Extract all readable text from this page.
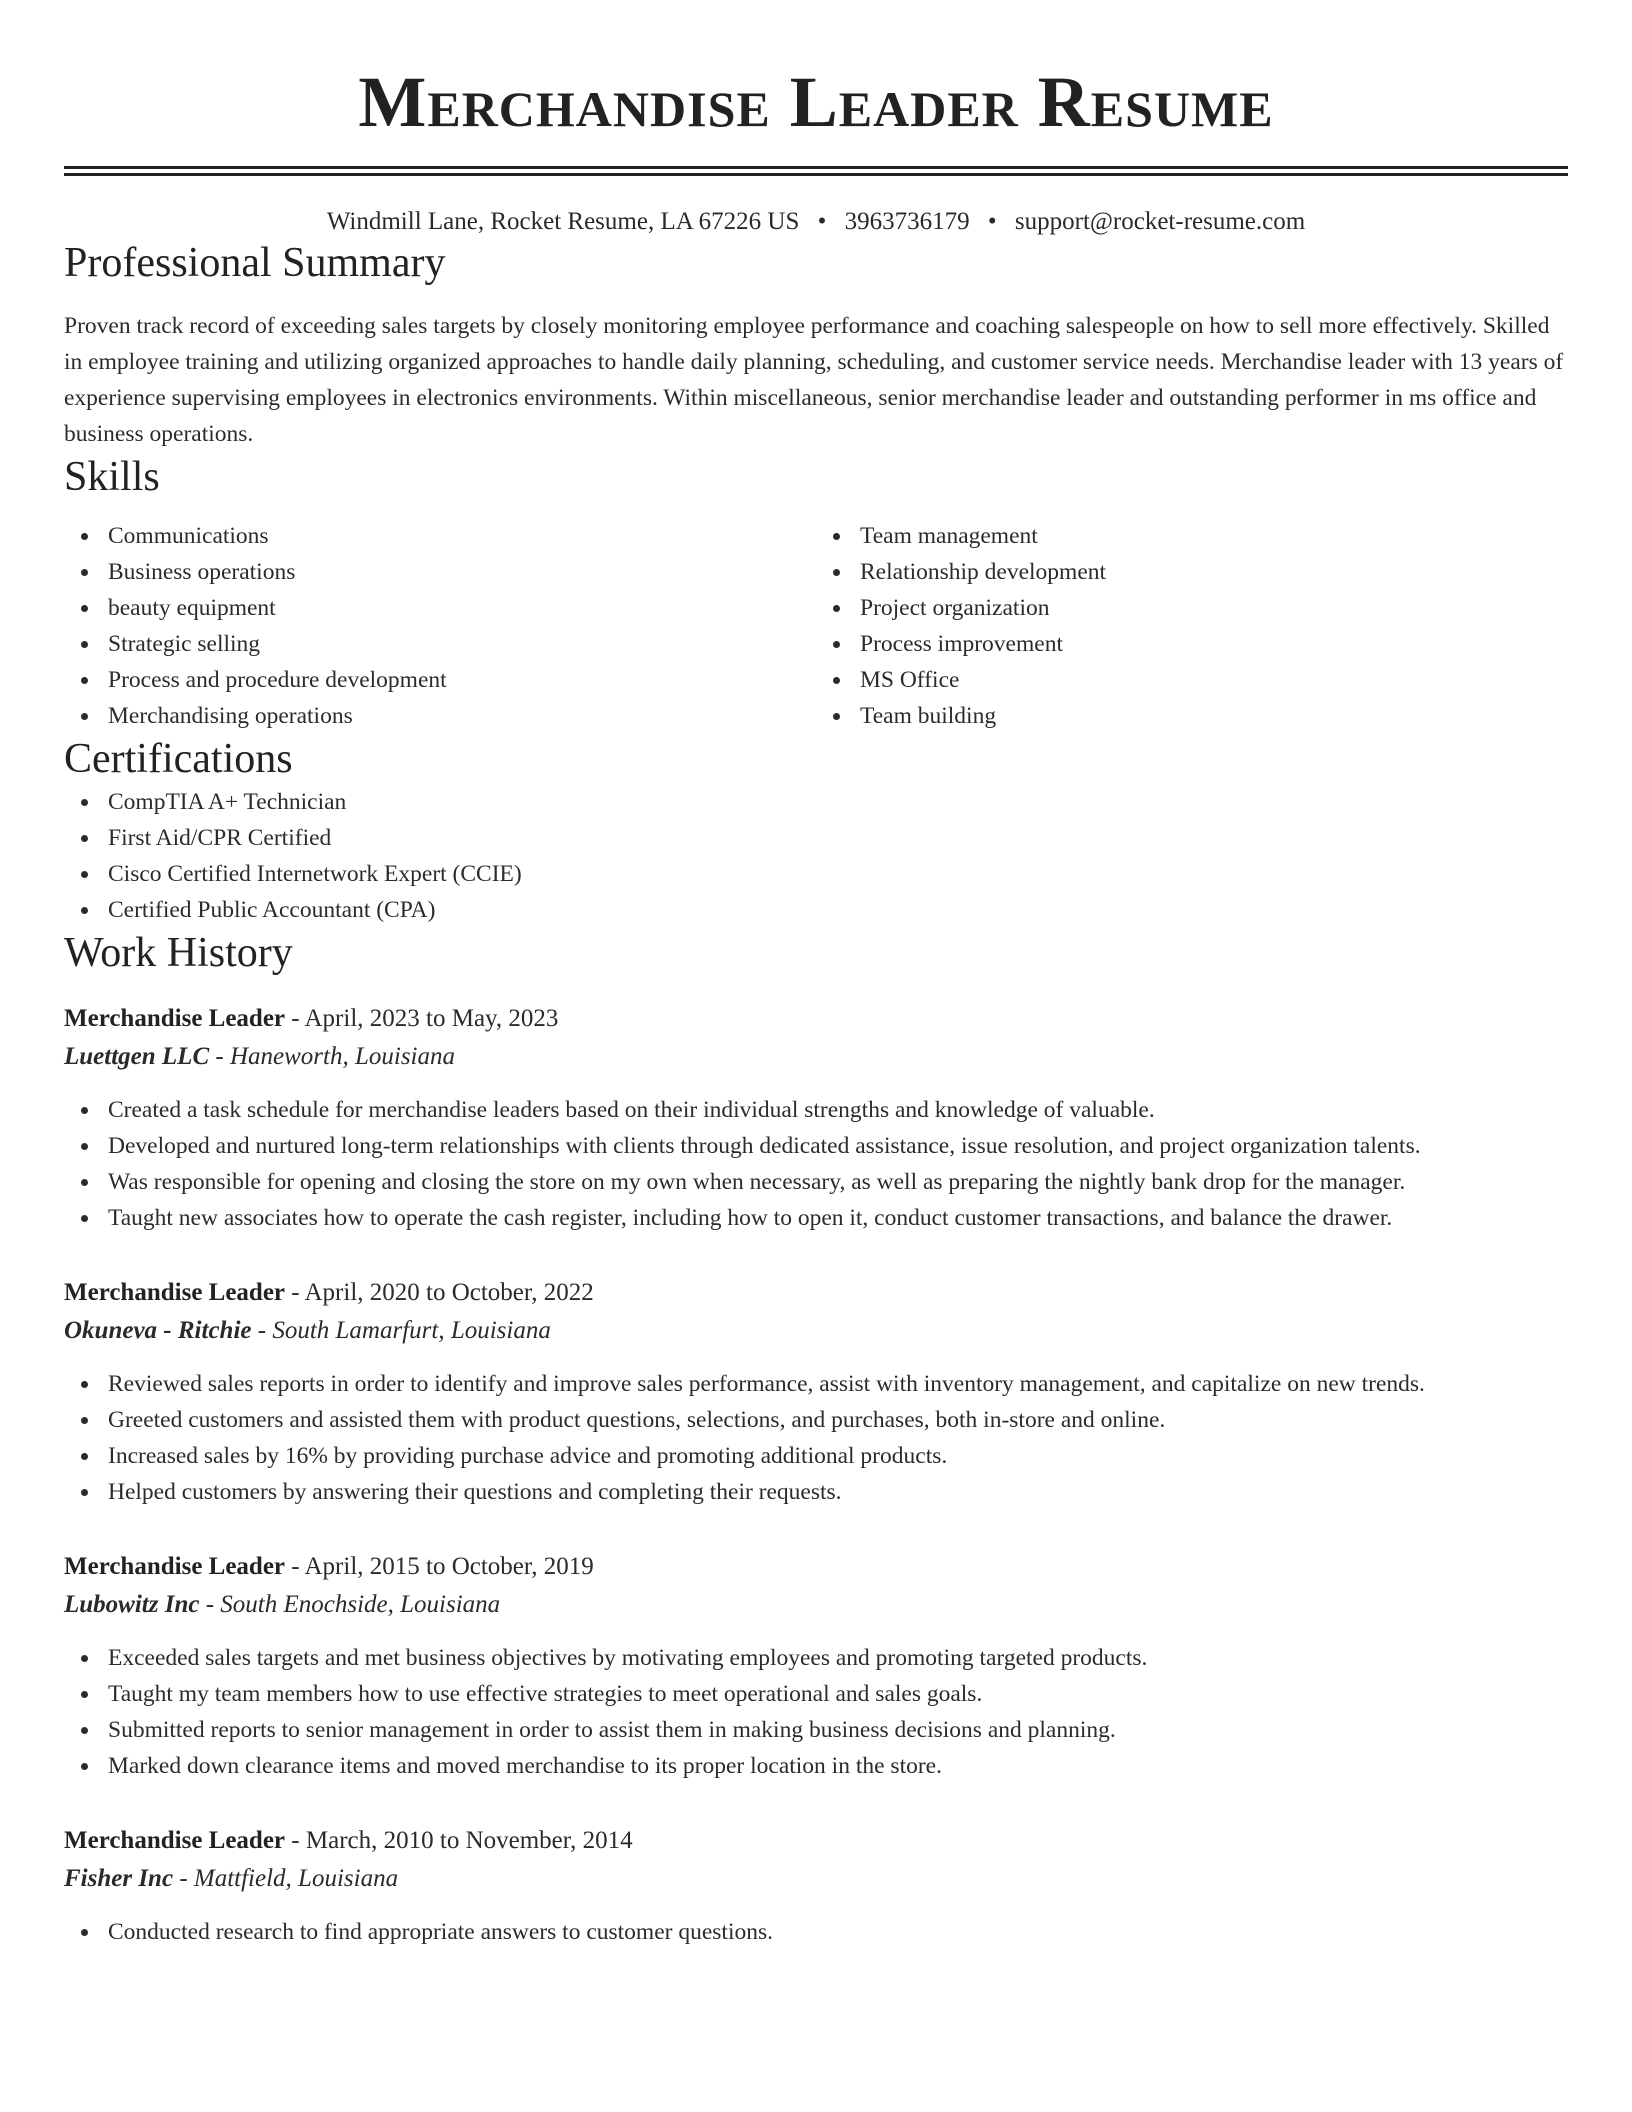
Merchandise Leader Resume
Windmill Lane, Rocket Resume, LA 67226 US • 3963736179 • support@rocket-resume.com
Professional Summary

Proven track record of exceeding sales targets by closely monitoring employee performance and coaching salespeople on how to sell more effectively. Skilled in employee training and utilizing organized approaches to handle daily planning, scheduling, and customer service needs. Merchandise leader with 13 years of experience supervising employees in electronics environments. Within miscellaneous, senior merchandise leader and outstanding performer in ms office and business operations.

Skills
Communications
Business operations
beauty equipment
Strategic selling
Process and procedure development
Merchandising operations
Team management
Relationship development
Project organization
Process improvement
MS Office
Team building
Certifications
CompTIA A+ Technician
First Aid/CPR Certified
Cisco Certified Internetwork Expert (CCIE)
Certified Public Accountant (CPA)
Work History
Merchandise Leader - April, 2023 to May, 2023
Luettgen LLC - Haneworth, Louisiana
Created a task schedule for merchandise leaders based on their individual strengths and knowledge of valuable.
Developed and nurtured long-term relationships with clients through dedicated assistance, issue resolution, and project organization talents.
Was responsible for opening and closing the store on my own when necessary, as well as preparing the nightly bank drop for the manager.
Taught new associates how to operate the cash register, including how to open it, conduct customer transactions, and balance the drawer.
Merchandise Leader - April, 2020 to October, 2022
Okuneva - Ritchie - South Lamarfurt, Louisiana
Reviewed sales reports in order to identify and improve sales performance, assist with inventory management, and capitalize on new trends.
Greeted customers and assisted them with product questions, selections, and purchases, both in-store and online.
Increased sales by 16% by providing purchase advice and promoting additional products.
Helped customers by answering their questions and completing their requests.
Merchandise Leader - April, 2015 to October, 2019
Lubowitz Inc - South Enochside, Louisiana
Exceeded sales targets and met business objectives by motivating employees and promoting targeted products.
Taught my team members how to use effective strategies to meet operational and sales goals.
Submitted reports to senior management in order to assist them in making business decisions and planning.
Marked down clearance items and moved merchandise to its proper location in the store.
Merchandise Leader - March, 2010 to November, 2014
Fisher Inc - Mattfield, Louisiana
Conducted research to find appropriate answers to customer questions.
